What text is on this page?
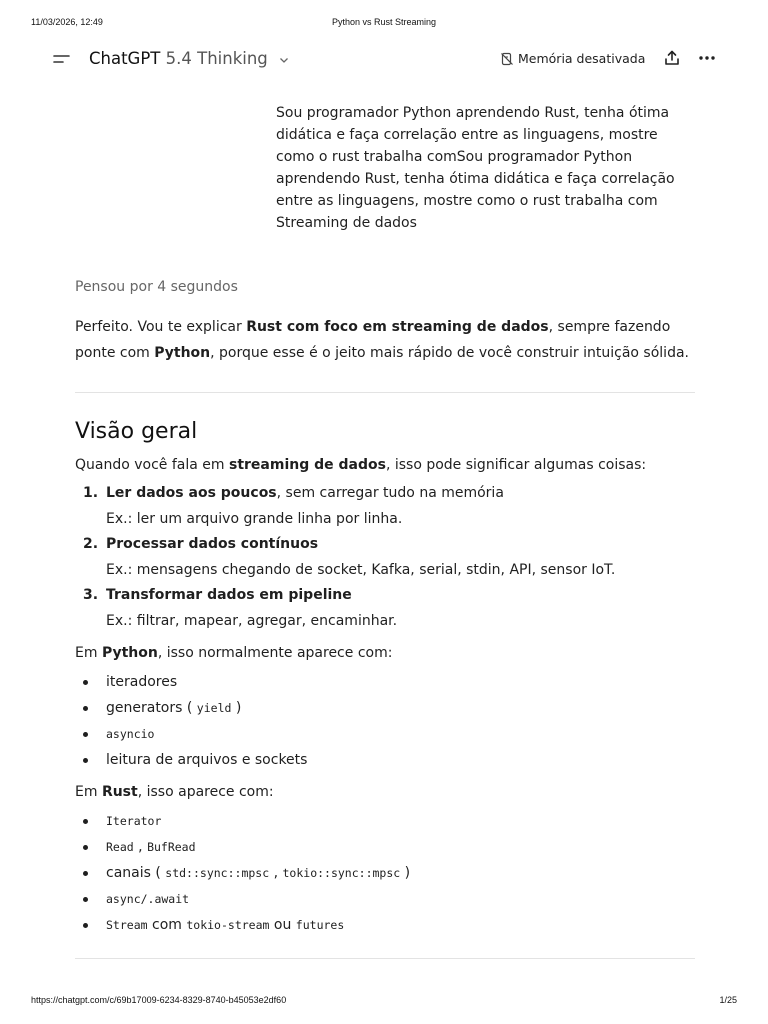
11/03/2026, 12:49	Python vs Rust Streaming
ChatGPT 5.4 Thinking	Memória desativada
Sou programador Python aprendendo Rust, tenha ótima didática e faça correlação entre as linguagens, mostre como o rust trabalha comSou programador Python aprendendo Rust, tenha ótima didática e faça correlação entre as linguagens, mostre como o rust trabalha com Streaming de dados
Pensou por 4 segundos

Perfeito. Vou te explicar Rust com foco em streaming de dados, sempre fazendo ponte com Python, porque esse é o jeito mais rápido de você construir intuição sólida.

Visão geral

Quando você fala em streaming de dados, isso pode significar algumas coisas:

1. Ler dados aos poucos, sem carregar tudo na memória
Ex.: ler um arquivo grande linha por linha.
2. Processar dados contínuos
Ex.: mensagens chegando de socket, Kafka, serial, stdin, API, sensor IoT.
3. Transformar dados em pipeline
Ex.: filtrar, mapear, agregar, encaminhar.

Em Python, isso normalmente aparece com:

iteradores
generators ( yield )
asyncio
leitura de arquivos e sockets

Em Rust, isso aparece com:

Iterator
Read , BufRead
canais ( std::sync::mpsc , tokio::sync::mpsc )
async/.await
Stream com tokio-stream ou futures
https://chatgpt.com/c/69b17009-6234-8329-8740-b45053e2df60	1/25
